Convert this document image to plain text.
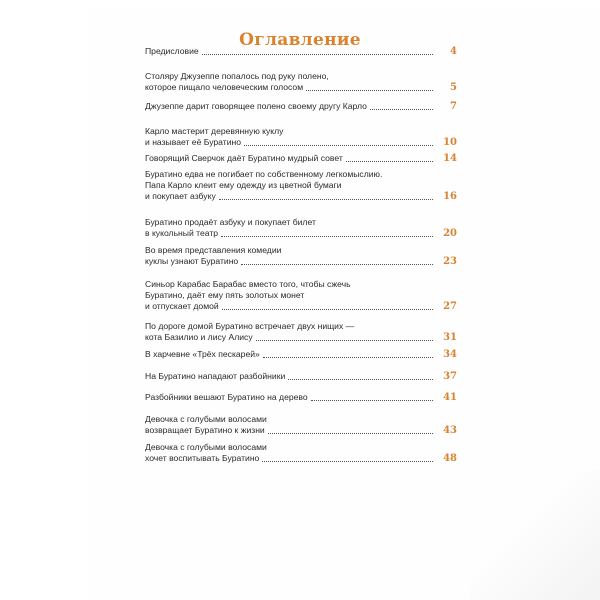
Оглавление
Предисловие	4
Столяру Джузеппе попалось под руку полено,
которое пищало человеческим голосом	5
Джузеппе дарит говорящее полено своему другу Карло	7
Карло мастерит деревянную куклу
и называет её Буратино	10
Говорящий Сверчок даёт Буратино мудрый совет	14
Буратино едва не погибает по собственному легкомыслию.
Папа Карло клеит ему одежду из цветной бумаги
и покупает азбуку	16
Буратино продаёт азбуку и покупает билет
в кукольный театр	20
Во время представления комедии
куклы узнают Буратино	23
Синьор Карабас Барабас вместо того, чтобы сжечь
Буратино, даёт ему пять золотых монет
и отпускает домой	27
По дороге домой Буратино встречает двух нищих —
кота Базилио и лису Алису	31
В харчевне «Трёх пескарей»	34
На Буратино нападают разбойники	37
Разбойники вешают Буратино на дерево	41
Девочка с голубыми волосами
возвращает Буратино к жизни	43
Девочка с голубыми волосами
хочет воспитывать Буратино	48
